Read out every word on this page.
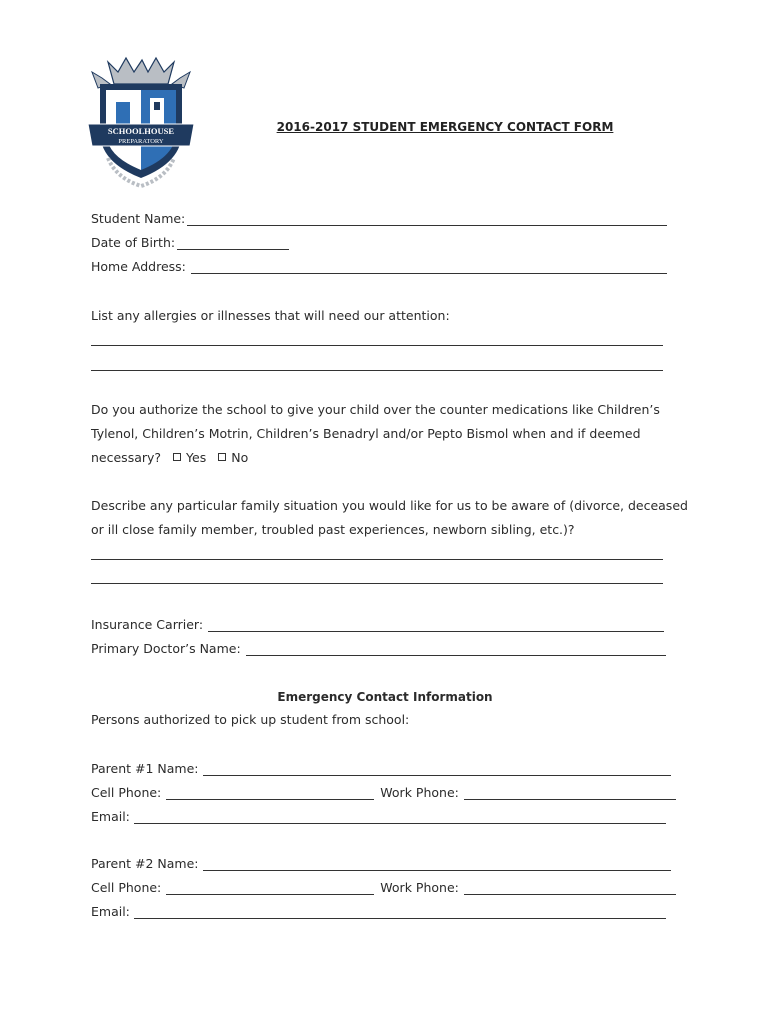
SCHOOLHOUSE
PREPARATORY
2016-2017 STUDENT EMERGENCY CONTACT FORM
Student Name:
Date of Birth:
Home Address:
List any allergies or illnesses that will need our attention:
Do you authorize the school to give your child over the counter medications like Children’s
Tylenol, Children’s Motrin, Children’s Benadryl and/or Pepto Bismol when and if deemed
necessary? Yes No
Describe any particular family situation you would like for us to be aware of (divorce, deceased
or ill close family member, troubled past experiences, newborn sibling, etc.)?
Insurance Carrier:
Primary Doctor’s Name:
Emergency Contact Information
Persons authorized to pick up student from school:
Parent #1 Name:
Cell Phone:	Work Phone:
Email:
Parent #2 Name:
Cell Phone:	Work Phone:
Email:
